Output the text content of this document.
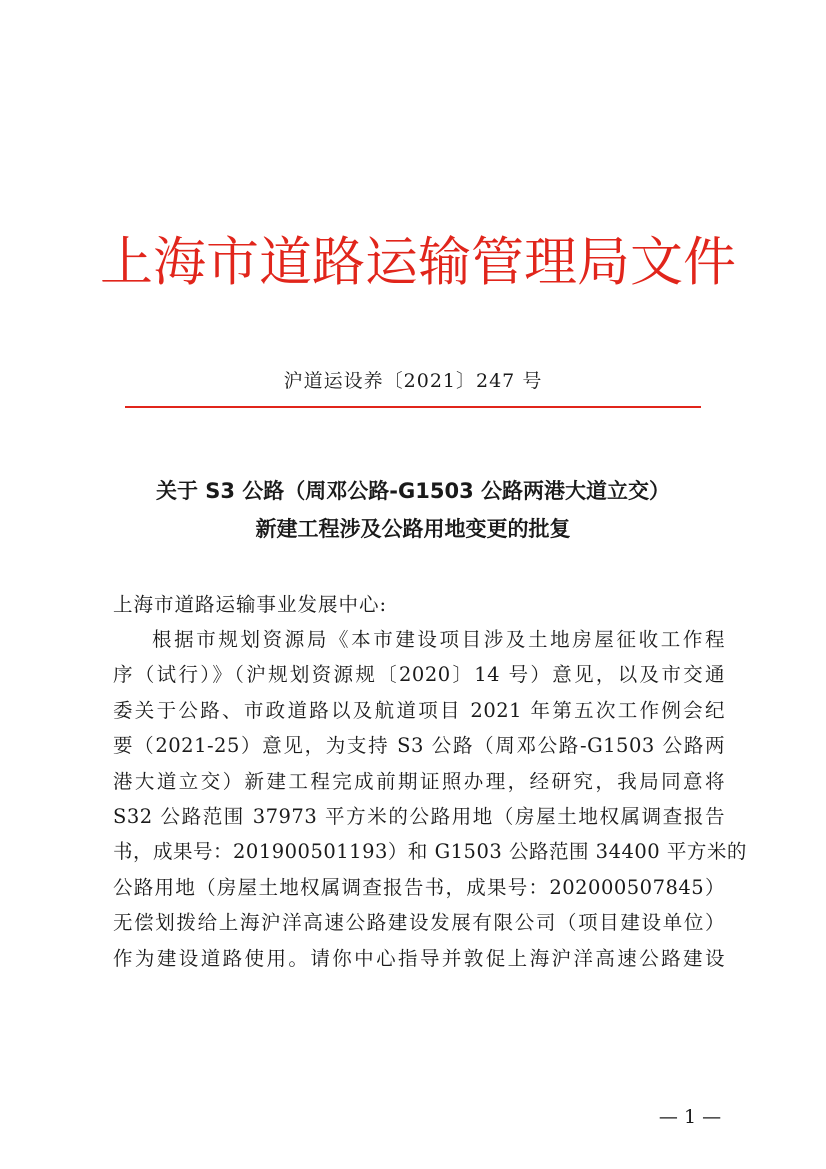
上海市道路运输管理局文件
沪道运设养〔2021〕247 号
关于 S3 公路（周邓公路-G1503 公路两港大道立交）
新建工程涉及公路用地变更的批复
上海市道路运输事业发展中心:
根据市规划资源局《本市建设项目涉及土地房屋征收工作程
序（试行）》（沪规划资源规〔2020〕14 号）意见，以及市交通
委关于公路、市政道路以及航道项目 2021 年第五次工作例会纪
要（2021-25）意见，为支持 S3 公路（周邓公路-G1503 公路两
港大道立交）新建工程完成前期证照办理，经研究，我局同意将
S32 公路范围 37973 平方米的公路用地（房屋土地权属调查报告
书，成果号：201900501193）和 G1503 公路范围 34400 平方米的
公路用地（房屋土地权属调查报告书，成果号：202000507845）
无偿划拨给上海沪洋高速公路建设发展有限公司（项目建设单位）
作为建设道路使用。请你中心指导并敦促上海沪洋高速公路建设
— 1 —
